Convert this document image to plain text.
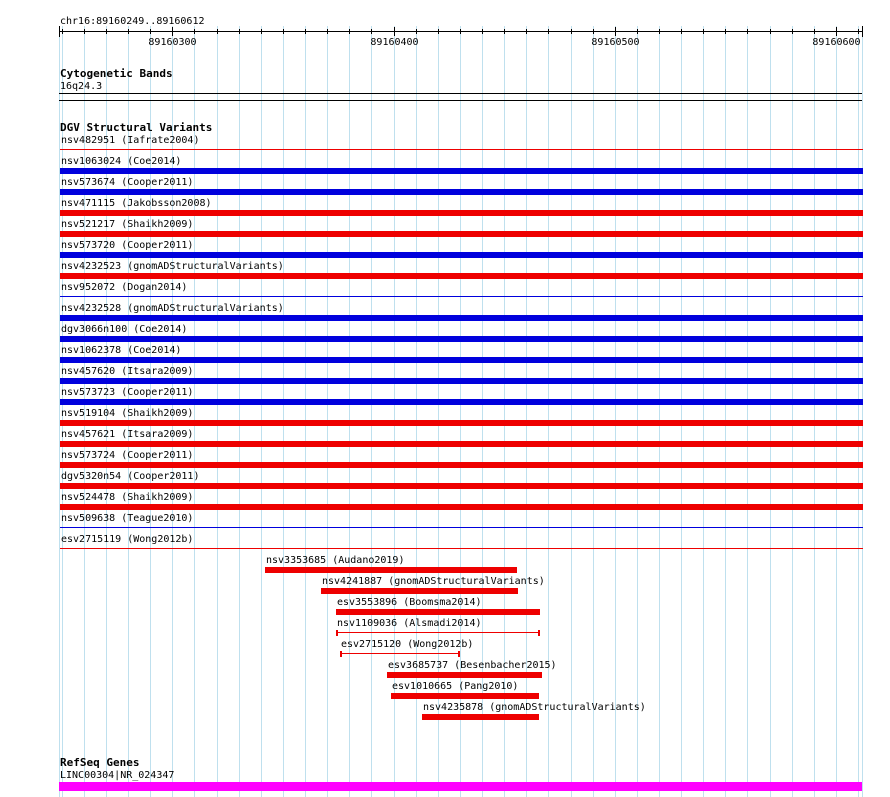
chr16:89160249..89160612
89160300	89160400	89160500	89160600
Cytogenetic Bands
16q24.3
DGV Structural Variants
nsv482951 (Iafrate2004)
nsv1063024 (Coe2014)
nsv573674 (Cooper2011)
nsv471115 (Jakobsson2008)
nsv521217 (Shaikh2009)
nsv573720 (Cooper2011)
nsv4232523 (gnomADStructuralVariants)
nsv952072 (Dogan2014)
nsv4232528 (gnomADStructuralVariants)
dgv3066n100 (Coe2014)
nsv1062378 (Coe2014)
nsv457620 (Itsara2009)
nsv573723 (Cooper2011)
nsv519104 (Shaikh2009)
nsv457621 (Itsara2009)
nsv573724 (Cooper2011)
dgv5320n54 (Cooper2011)
nsv524478 (Shaikh2009)
nsv509638 (Teague2010)
esv2715119 (Wong2012b)
nsv3353685 (Audano2019)
nsv4241887 (gnomADStructuralVariants)
esv3553896 (Boomsma2014)
nsv1109036 (Alsmadi2014)
esv2715120 (Wong2012b)
esv3685737 (Besenbacher2015)
esv1010665 (Pang2010)
nsv4235878 (gnomADStructuralVariants)
RefSeq Genes
LINC00304|NR_024347
